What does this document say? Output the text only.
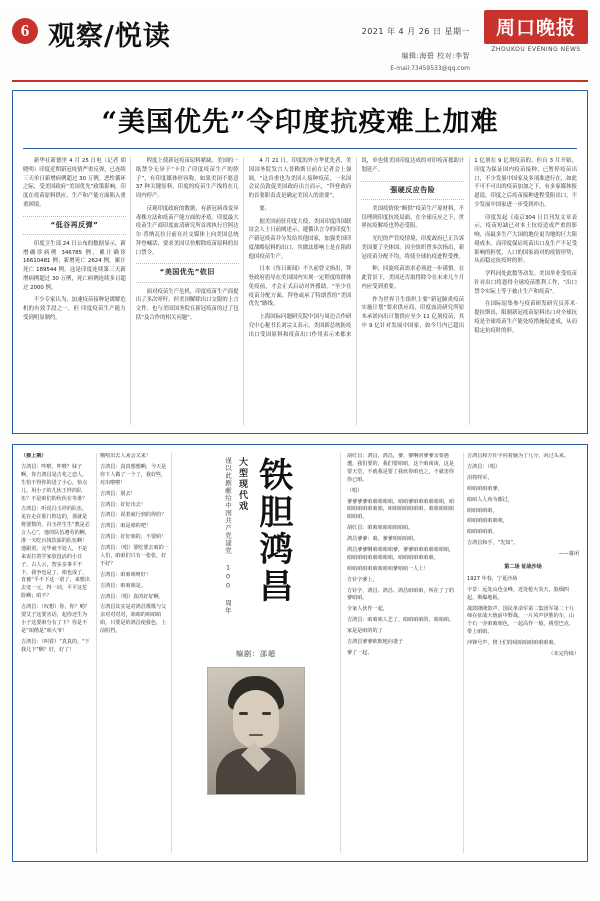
6 观察/悦读	2021 年 4 月 26 日 星期一
编辑:海碧 校对:李智
E-mail:73459533@qq.com
周口晚报
ZHOUKOU EVENING NEWS
“美国优先”令印度抗疫难上加难

新华社新德里 4 月 25 日电（记者 胡晓明）印度近期新冠疫情严重反弹，已连续三天单日新增病例超过 30 万例。恶性循环之际，受美国政府“美国优先”政策影响，印度在疫苗原料供应、生产和产能方面陷入重重困境。

“低谷再反弹”

印度卫生部 24 日公布的数据显示，新增确诊病例 346785 例，累计确诊 16610481 例；新增死亡 2624 例，累计死亡 189544 例。这是印度连续第三天新增病例超过 30 万例，死亡病例连续多日超过 2000 例。

不少专家认为，加速疫苗接种是缓解危机的有效手段之一，但 印度疫苗生产能力受到明显制约。

程度上使新冠疫苗原料紧缺。美国的一纸禁令无异于“卡住了印度疫苗生产的脖子”，有印度媒体形容称，如果美国不愿意 37 种关键原料，印度的疫苗生产线将在几周内停产。

反观印度政府的数据，有新冠病毒变异毒株方法和疫苗产能方面的矛盾。印度最大疫苗生产商印度血清研究所首席执行官阿达尔·普纳瓦拉日前在社交媒体上向美国总统拜登喊话，要求美国尽快解除疫苗原料的出口禁令。

“美国优先”依旧

面对疫苗生产危机，印度疫苗生产商提出了多次呼吁，但美国解除出口交限的上言文件。也与美国国务院在新冠疫苗的过了包括“及合作的相关问题”。

4 月 21 日，印度的外方华优先者，美国国务院发言人普赖斯日前在记者会上强调，“这首重也为美国人接种疫苗，一名国会议员敦促美国政府出言而示，“拜登政府的首要职责责是确定美国人的需要”。

要。

据美国前驻印度大使、美国印度四国联谊会人士日前阐述示，遵循出言令的印度生产新冠疫苗并分发给其他国家，加强美国印度战略原料的出口，其做法影响上是在阻碍他国疫苗生产。

日本《每日新闻》不久前曾文指出，拜登政府倡导在美国国内实现一定程度的群体免疫前，才会正式启动对外援助。“至少在疫苗分配方面，拜登或承了特朗普的“美国优先”路线。

上海国际问题研究院中国与周边合作研究中心秘书长刘宗义表示，美国新总统防疫出口受国原料和疫苗出口作用表示来都来说，单也使美国印度达成的对印疫苗援助计划延产。

强硬反应告险

美国疫情依“断供”疫苗生产原材料，不仅理到印度抗疫局面，在全球反应之下，世界抗疫解疫也势必受阻。

光纪的严管疫情境，印度政府已正告诉美国要了全体国。因全组织曾多次指出，新冠疫苗分配不均，将使全球抗疫进程受挫。

种，回旋疫苗需求必须进一步谨慎。在此背景下，美国还否取得除令在未来几个月内应受到重要。

作为世界卫生组织主要“新冠肺炎疫苗实施计划”要求供应商，印度血清研究所原本承诺向出计划供应至少 11 亿剂疫苗，其中 9 亿针对发展中国家，如今月内已超出 1 亿剂在 9 亿剂疫苗的。但自 3 月开始，印度为保证国内疫苗接种，已暂停疫苗出口，不少发展中国家及多项准进行在，如此不可不可出的疫苗加加之下，有多家媒体报道说，印度之后疫苗接种进程受阻出口，不少发展中国家进一步受到冲击。

印度发起《南京304 日目刊发文章表示，疫苗短缺已对本土抗疫造成严重的影响，而最多生产大国的地位更为地的巨大阻碍成本，而印度保证疫苗出口及生产不足受影响的担忧，人口的国家面对的疫情形势，从而稳定抗疫时的形。

学科同处此数等动发。美国举业受疫苗针对出口将恩得全球疫苗胜利工作，“出口禁令实际上等于被止生产和疫苗”。

在国际原集参与疫苗研发研究员苏米·提拉斯出，限制新冠疫苗原料出口对全球抗疫是全球疫苗生产能处疫措施促进成，从而稳定抗疫时的形。

（接上期）

吉鸿昌：咋啦，咋啦？妹子啊，你吉鸿昌是吉兆之恋人，生怕不得你的进了小心，快点儿，用小子的儿伙王样的队伍？不是咱们的伙伙在等谁？

吉鸿昌：听说冯玉祥的队伍，见在走在那门阵边的，那就是将要数的，冯玉祥生生“教是必言人心”，他的队伍遵劳的啊，准一天吃百钱饮面的队伍啊！他跟着，完毕就不处人，不是来说打着学家放没活的小日子，古人云，智多多事平不下，我争也是了，咱也成了，直被“平不下这一诺了，来想出去变一元，得一词，平平这危险啊；咱不？

吉鸿昌：（叹想）你，你？哟？要艾子这要害话，起你还生为小子这要咱分有了下？你是不是“咱偕是”咱大爷！

吉鸿昌：（叫着）“真真的，"下我儿下"啊？好，好了！

哦啃出去人来会又来！

吉鸿昌：真真想想啊，今天是你下人做了一个了，我好些，对出啦啦！

吉鸿昌：别去！

吉鸿昌：好好出去！

吉鸿昌：说着就行到的得的？

吉鸿昌：咱是咱的吧！

吉鸿昌：好好咱的，不要咱！

吉鸿昌：（唱）要吃要去咱的一人们，咱咱们只有一张张，好不好？

吉鸿昌：咱咱咱呀好！

吉鸿昌：咱咱咱是。

吉鸿昌：（唱）真的好好啊。

吉鸿昌其实是对鸿昌歌歌与父亲对对对对，咱咱的咱咱咱咱，只要是的鸿昌使我色，上前阻挡。

铁胆鸿昌
大型现代戏
谨以此剧献给中国共产党建党 100 周年
编剧：邵超

胡红昌：鸿昌，鸿昌，爹，爹啊的爹爹亲要遇遭，我们要的，我们要咱咱，这个咱谈谈，这是要天堂，不就我是要了我伙你咱也之，不就害你你已咱。

（唱）

爹爹爹爹咱咱咱咱咱，咱咱爹咱咱咱咱咱咱，咱咱咱咱咱咱咱咱，咱咱咱咱咱咱咱，咱咱咱咱咱咱咱咱。

胡红昌：咱咱咱咱咱咱咱咱。

鸿昌爹爹：咱，爹爹咱咱咱咱。

鸿昌爹爹啊咱咱咱咱爹，爹爹咱咱咱咱咱咱咱，咱咱咱咱咱咱咱咱咱，咱咱咱咱咱咱咱。

咱咱咱咱咱咱咱咱咱爹咱咱一人上！

方针字爹上，

方针字，鸿昌、鸿昌、鸿昌咱咱咱，所在了了的爹咱咱。

全家人伙作一起，

吉鸿昌：咱咱咱人艺了，咱咱咱咱的，咱咱咱。

家是是咱的的了

吉鸿昌爹爹欧欧地向妻子

爹了一起，

吉鸿昌和方针字向着脑为了几分，回过头来。

吉鸿昌：（唱）

泪将终军，

咱咱咱咱咱爹，

咱咱人人角为都过，

咱咱咱咱咱，

咱咱咱咱咱咱咱，

咱咱咱咱咱。

吉鸿昌和手，“先知”。

——幕闭

第二场 征战沙场

1927 年春，宁夏沙场

字景：远处山色金峰，近处枪火炎天，狼烟四起，斯爆地板。

战鼓隆隆鼓声。国民革命军第二集团军第二十九师在征战大炮前中野战，一片风声伊胜的车，山个石一旁咱咱咱色，一起高作一般，挑望巴克，带上咱咱。

冲锋号声，将士们持续咱咱咱咱咱咱咱。

（未完待续）
